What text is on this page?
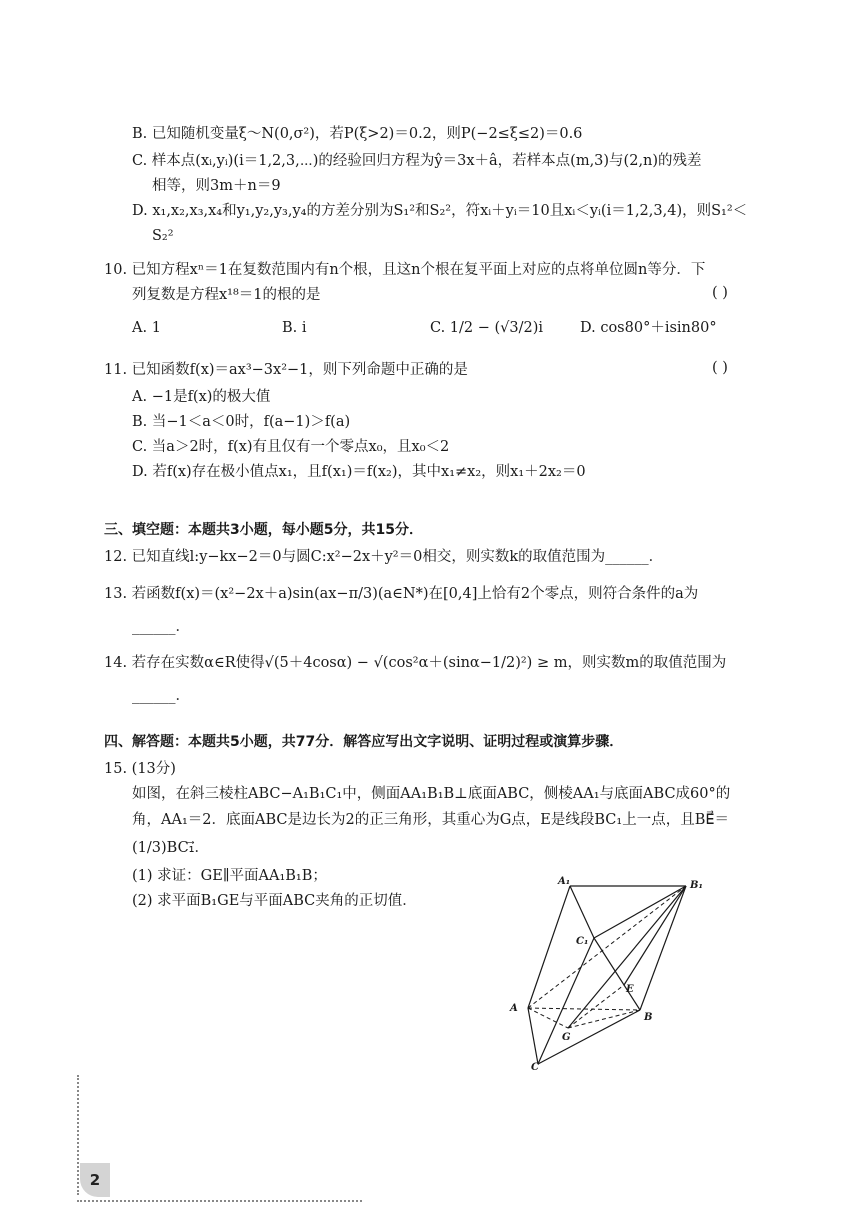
B. 已知随机变量ξ～N(0,σ²)，若P(ξ>2)＝0.2，则P(−2≤ξ≤2)＝0.6
C. 样本点(xᵢ,yᵢ)(i＝1,2,3,⋯)的经验回归方程为ŷ＝3x＋â，若样本点(m,3)与(2,n)的残差
相等，则3m＋n＝9
D. x₁,x₂,x₃,x₄和y₁,y₂,y₃,y₄的方差分别为S₁²和S₂²，符xᵢ＋yᵢ＝10且xᵢ＜yᵢ(i＝1,2,3,4)，则S₁²＜
S₂²
10. 已知方程xⁿ＝1在复数范围内有n个根，且这n个根在复平面上对应的点将单位圆n等分．下
列复数是方程x¹⁸＝1的根的是	( )
A. 1	B. i	C. 1/2 − (√3/2)i	D. cos80°＋isin80°
11. 已知函数f(x)＝ax³−3x²−1，则下列命题中正确的是	( )
A. −1是f(x)的极大值
B. 当−1＜a＜0时，f(a−1)＞f(a)
C. 当a＞2时，f(x)有且仅有一个零点x₀，且x₀＜2
D. 若f(x)存在极小值点x₁，且f(x₁)＝f(x₂)，其中x₁≠x₂，则x₁＋2x₂＝0
三、填空题：本题共3小题，每小题5分，共15分．
12. 已知直线l:y−kx−2＝0与圆C:x²−2x＋y²＝0相交，则实数k的取值范围为______．
13. 若函数f(x)＝(x²−2x＋a)sin(ax−π/3)(a∈N*)在[0,4]上恰有2个零点，则符合条件的a为
______．
14. 若存在实数α∈R使得√(5＋4cosα) − √(cos²α＋(sinα−1/2)²) ≥ m，则实数m的取值范围为
______．
四、解答题：本题共5小题，共77分．解答应写出文字说明、证明过程或演算步骤．
15. (13分)
如图，在斜三棱柱ABC−A₁B₁C₁中，侧面AA₁B₁B⊥底面ABC，侧棱AA₁与底面ABC成60°的
角，AA₁＝2．底面ABC是边长为2的正三角形，其重心为G点，E是线段BC₁上一点，且BE⃗＝
(1/3)BC₁⃗．
(1) 求证：GE∥平面AA₁B₁B；
(2) 求平面B₁GE与平面ABC夹角的正切值．
A₁	B₁
C₁
A
B
C
E
G
2
